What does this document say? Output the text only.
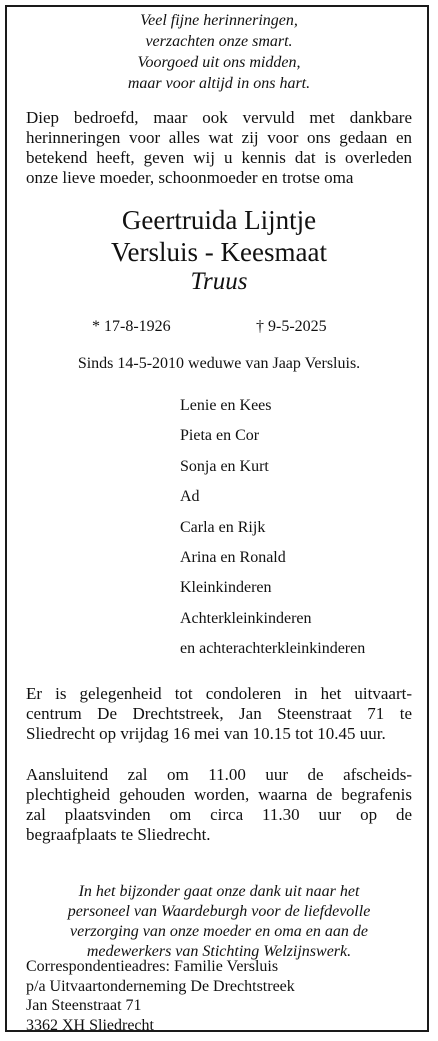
Veel fijne herinneringen,
verzachten onze smart.
Voorgoed uit ons midden,
maar voor altijd in ons hart.
Diep bedroefd, maar ook vervuld met dankbare
herinneringen voor alles wat zij voor ons gedaan en
betekend heeft, geven wij u kennis dat is overleden
onze lieve moeder, schoonmoeder en trotse oma
Geertruida Lijntje
Versluis - Keesmaat
Truus
* 17-8-1926	† 9-5-2025
Sinds 14-5-2010 weduwe van Jaap Versluis.
Lenie en Kees
Pieta en Cor
Sonja en Kurt
Ad
Carla en Rijk
Arina en Ronald
Kleinkinderen
Achterkleinkinderen
en achterachterkleinkinderen
Er is gelegenheid tot condoleren in het uitvaart-
centrum De Drechtstreek, Jan Steenstraat 71 te
Sliedrecht op vrijdag 16 mei van 10.15 tot 10.45 uur.
Aansluitend zal om 11.00 uur de afscheids-
plechtigheid gehouden worden, waarna de begrafenis
zal plaatsvinden om circa 11.30 uur op de
begraafplaats te Sliedrecht.
In het bijzonder gaat onze dank uit naar het
personeel van Waardeburgh voor de liefdevolle
verzorging van onze moeder en oma en aan de
medewerkers van Stichting Welzijnswerk.
Correspondentieadres: Familie Versluis
p/a Uitvaartonderneming De Drechtstreek
Jan Steenstraat 71
3362 XH Sliedrecht
